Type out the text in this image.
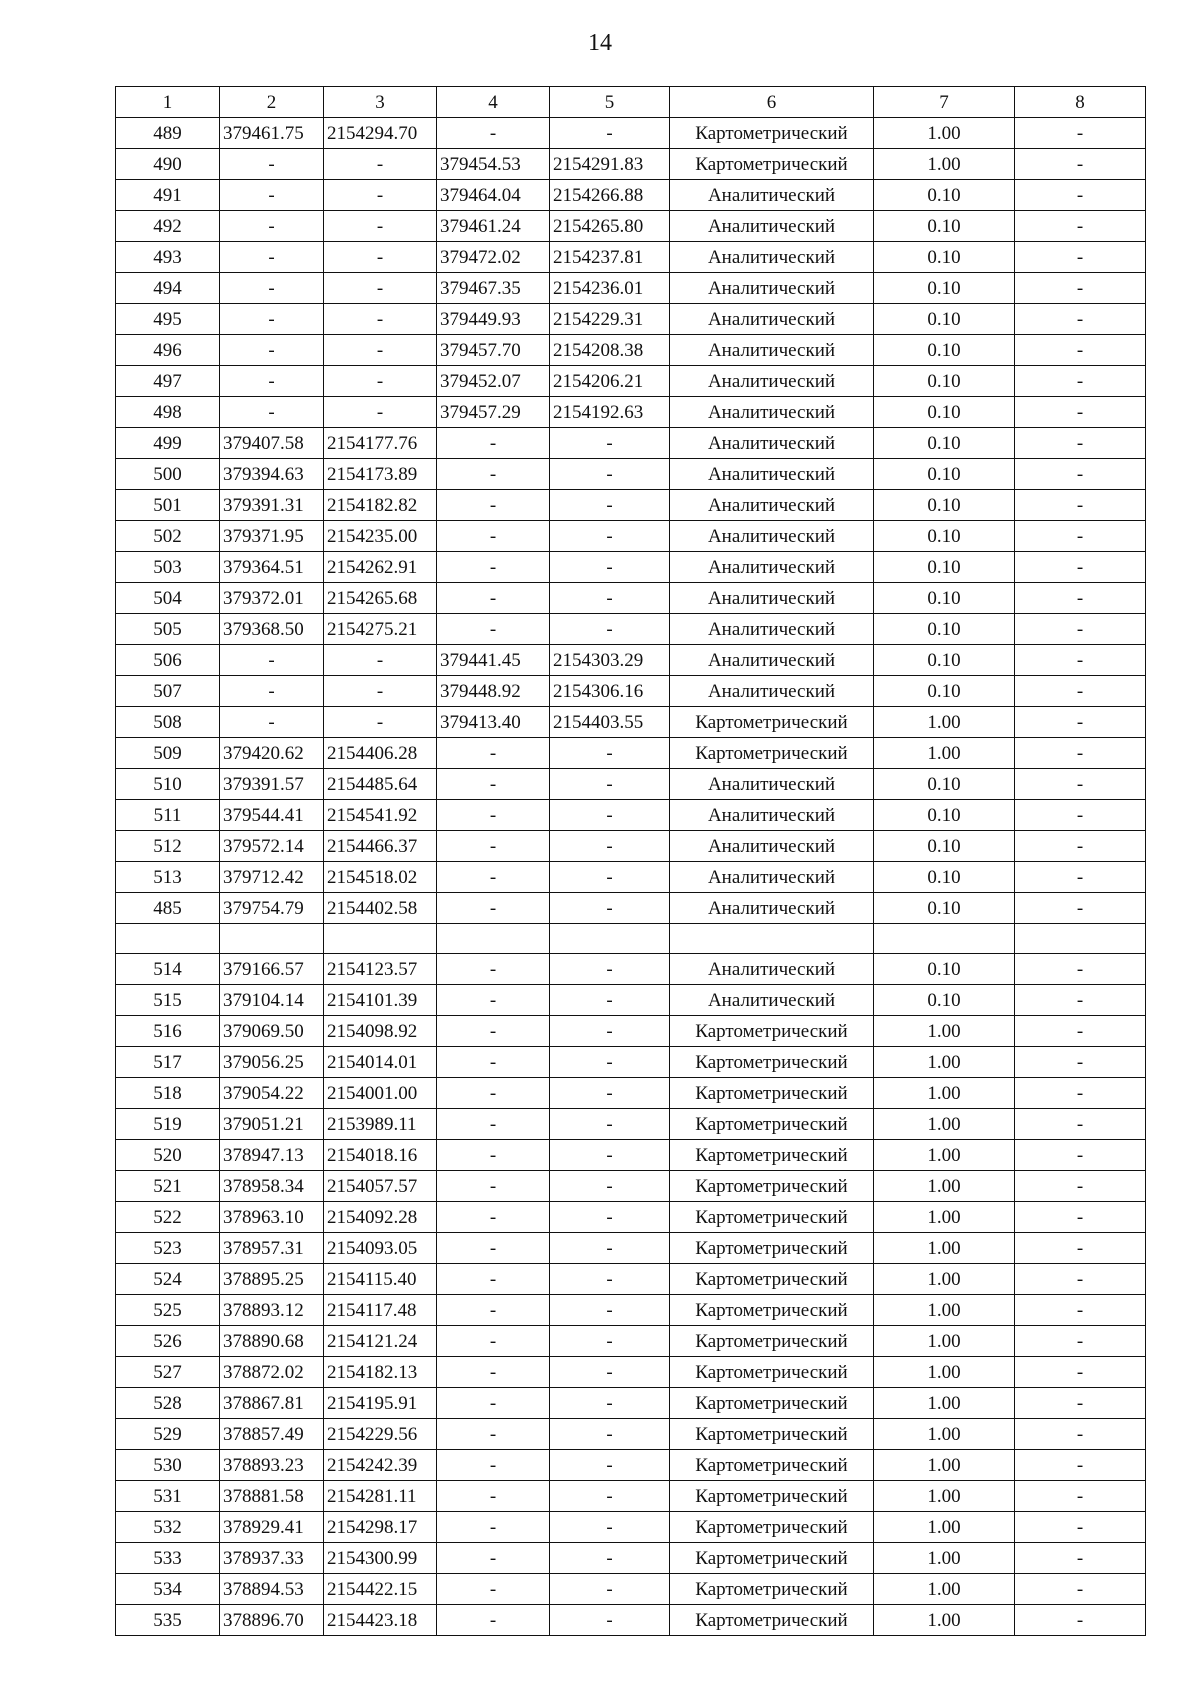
14
1	2	3	4	5	6	7	8
489	379461.75	2154294.70	-	-	Картометрический	1.00	-
490	-	-	379454.53	2154291.83	Картометрический	1.00	-
491	-	-	379464.04	2154266.88	Аналитический	0.10	-
492	-	-	379461.24	2154265.80	Аналитический	0.10	-
493	-	-	379472.02	2154237.81	Аналитический	0.10	-
494	-	-	379467.35	2154236.01	Аналитический	0.10	-
495	-	-	379449.93	2154229.31	Аналитический	0.10	-
496	-	-	379457.70	2154208.38	Аналитический	0.10	-
497	-	-	379452.07	2154206.21	Аналитический	0.10	-
498	-	-	379457.29	2154192.63	Аналитический	0.10	-
499	379407.58	2154177.76	-	-	Аналитический	0.10	-
500	379394.63	2154173.89	-	-	Аналитический	0.10	-
501	379391.31	2154182.82	-	-	Аналитический	0.10	-
502	379371.95	2154235.00	-	-	Аналитический	0.10	-
503	379364.51	2154262.91	-	-	Аналитический	0.10	-
504	379372.01	2154265.68	-	-	Аналитический	0.10	-
505	379368.50	2154275.21	-	-	Аналитический	0.10	-
506	-	-	379441.45	2154303.29	Аналитический	0.10	-
507	-	-	379448.92	2154306.16	Аналитический	0.10	-
508	-	-	379413.40	2154403.55	Картометрический	1.00	-
509	379420.62	2154406.28	-	-	Картометрический	1.00	-
510	379391.57	2154485.64	-	-	Аналитический	0.10	-
511	379544.41	2154541.92	-	-	Аналитический	0.10	-
512	379572.14	2154466.37	-	-	Аналитический	0.10	-
513	379712.42	2154518.02	-	-	Аналитический	0.10	-
485	379754.79	2154402.58	-	-	Аналитический	0.10	-

514	379166.57	2154123.57	-	-	Аналитический	0.10	-
515	379104.14	2154101.39	-	-	Аналитический	0.10	-
516	379069.50	2154098.92	-	-	Картометрический	1.00	-
517	379056.25	2154014.01	-	-	Картометрический	1.00	-
518	379054.22	2154001.00	-	-	Картометрический	1.00	-
519	379051.21	2153989.11	-	-	Картометрический	1.00	-
520	378947.13	2154018.16	-	-	Картометрический	1.00	-
521	378958.34	2154057.57	-	-	Картометрический	1.00	-
522	378963.10	2154092.28	-	-	Картометрический	1.00	-
523	378957.31	2154093.05	-	-	Картометрический	1.00	-
524	378895.25	2154115.40	-	-	Картометрический	1.00	-
525	378893.12	2154117.48	-	-	Картометрический	1.00	-
526	378890.68	2154121.24	-	-	Картометрический	1.00	-
527	378872.02	2154182.13	-	-	Картометрический	1.00	-
528	378867.81	2154195.91	-	-	Картометрический	1.00	-
529	378857.49	2154229.56	-	-	Картометрический	1.00	-
530	378893.23	2154242.39	-	-	Картометрический	1.00	-
531	378881.58	2154281.11	-	-	Картометрический	1.00	-
532	378929.41	2154298.17	-	-	Картометрический	1.00	-
533	378937.33	2154300.99	-	-	Картометрический	1.00	-
534	378894.53	2154422.15	-	-	Картометрический	1.00	-
535	378896.70	2154423.18	-	-	Картометрический	1.00	-
